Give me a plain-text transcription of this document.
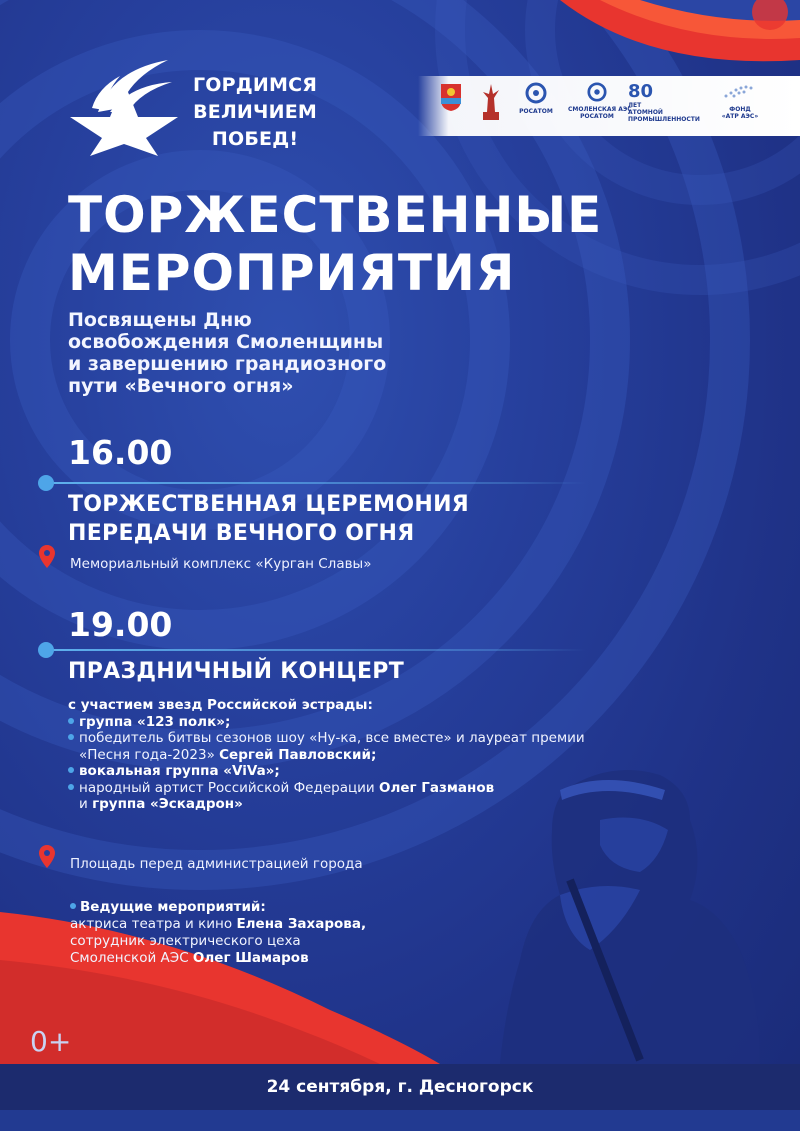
ГОРДИМСЯ
ВЕЛИЧИЕМ
ПОБЕД!
РОСАТОМ	СМОЛЕНСКАЯ АЭС
РОСАТОМ
80
ЛЕТ
АТОМНОЙ
ПРОМЫШЛЕННОСТИ
ФОНД
«АТР АЭС»
ТОРЖЕСТВЕННЫЕ
МЕРОПРИЯТИЯ
Посвящены Дню
освобождения Смоленщины
и завершению грандиозного
пути «Вечного огня»
16.00
ТОРЖЕСТВЕННАЯ ЦЕРЕМОНИЯ
ПЕРЕДАЧИ ВЕЧНОГО ОГНЯ
Мемориальный комплекс «Курган Славы»
19.00
ПРАЗДНИЧНЫЙ КОНЦЕРТ
с участием звезд Российской эстрады:
группа «123 полк»;
победитель битвы сезонов шоу «Ну-ка, все вместе» и лауреат премии
«Песня года-2023» Сергей Павловский;
вокальная группа «ViVa»;
народный артист Российской Федерации Олег Газманов
и группа «Эскадрон»
Площадь перед администрацией города
Ведущие мероприятий:
актриса театра и кино Елена Захарова,
сотрудник электрического цеха
Смоленской АЭС Олег Шамаров
0+
24 сентября, г. Десногорск
